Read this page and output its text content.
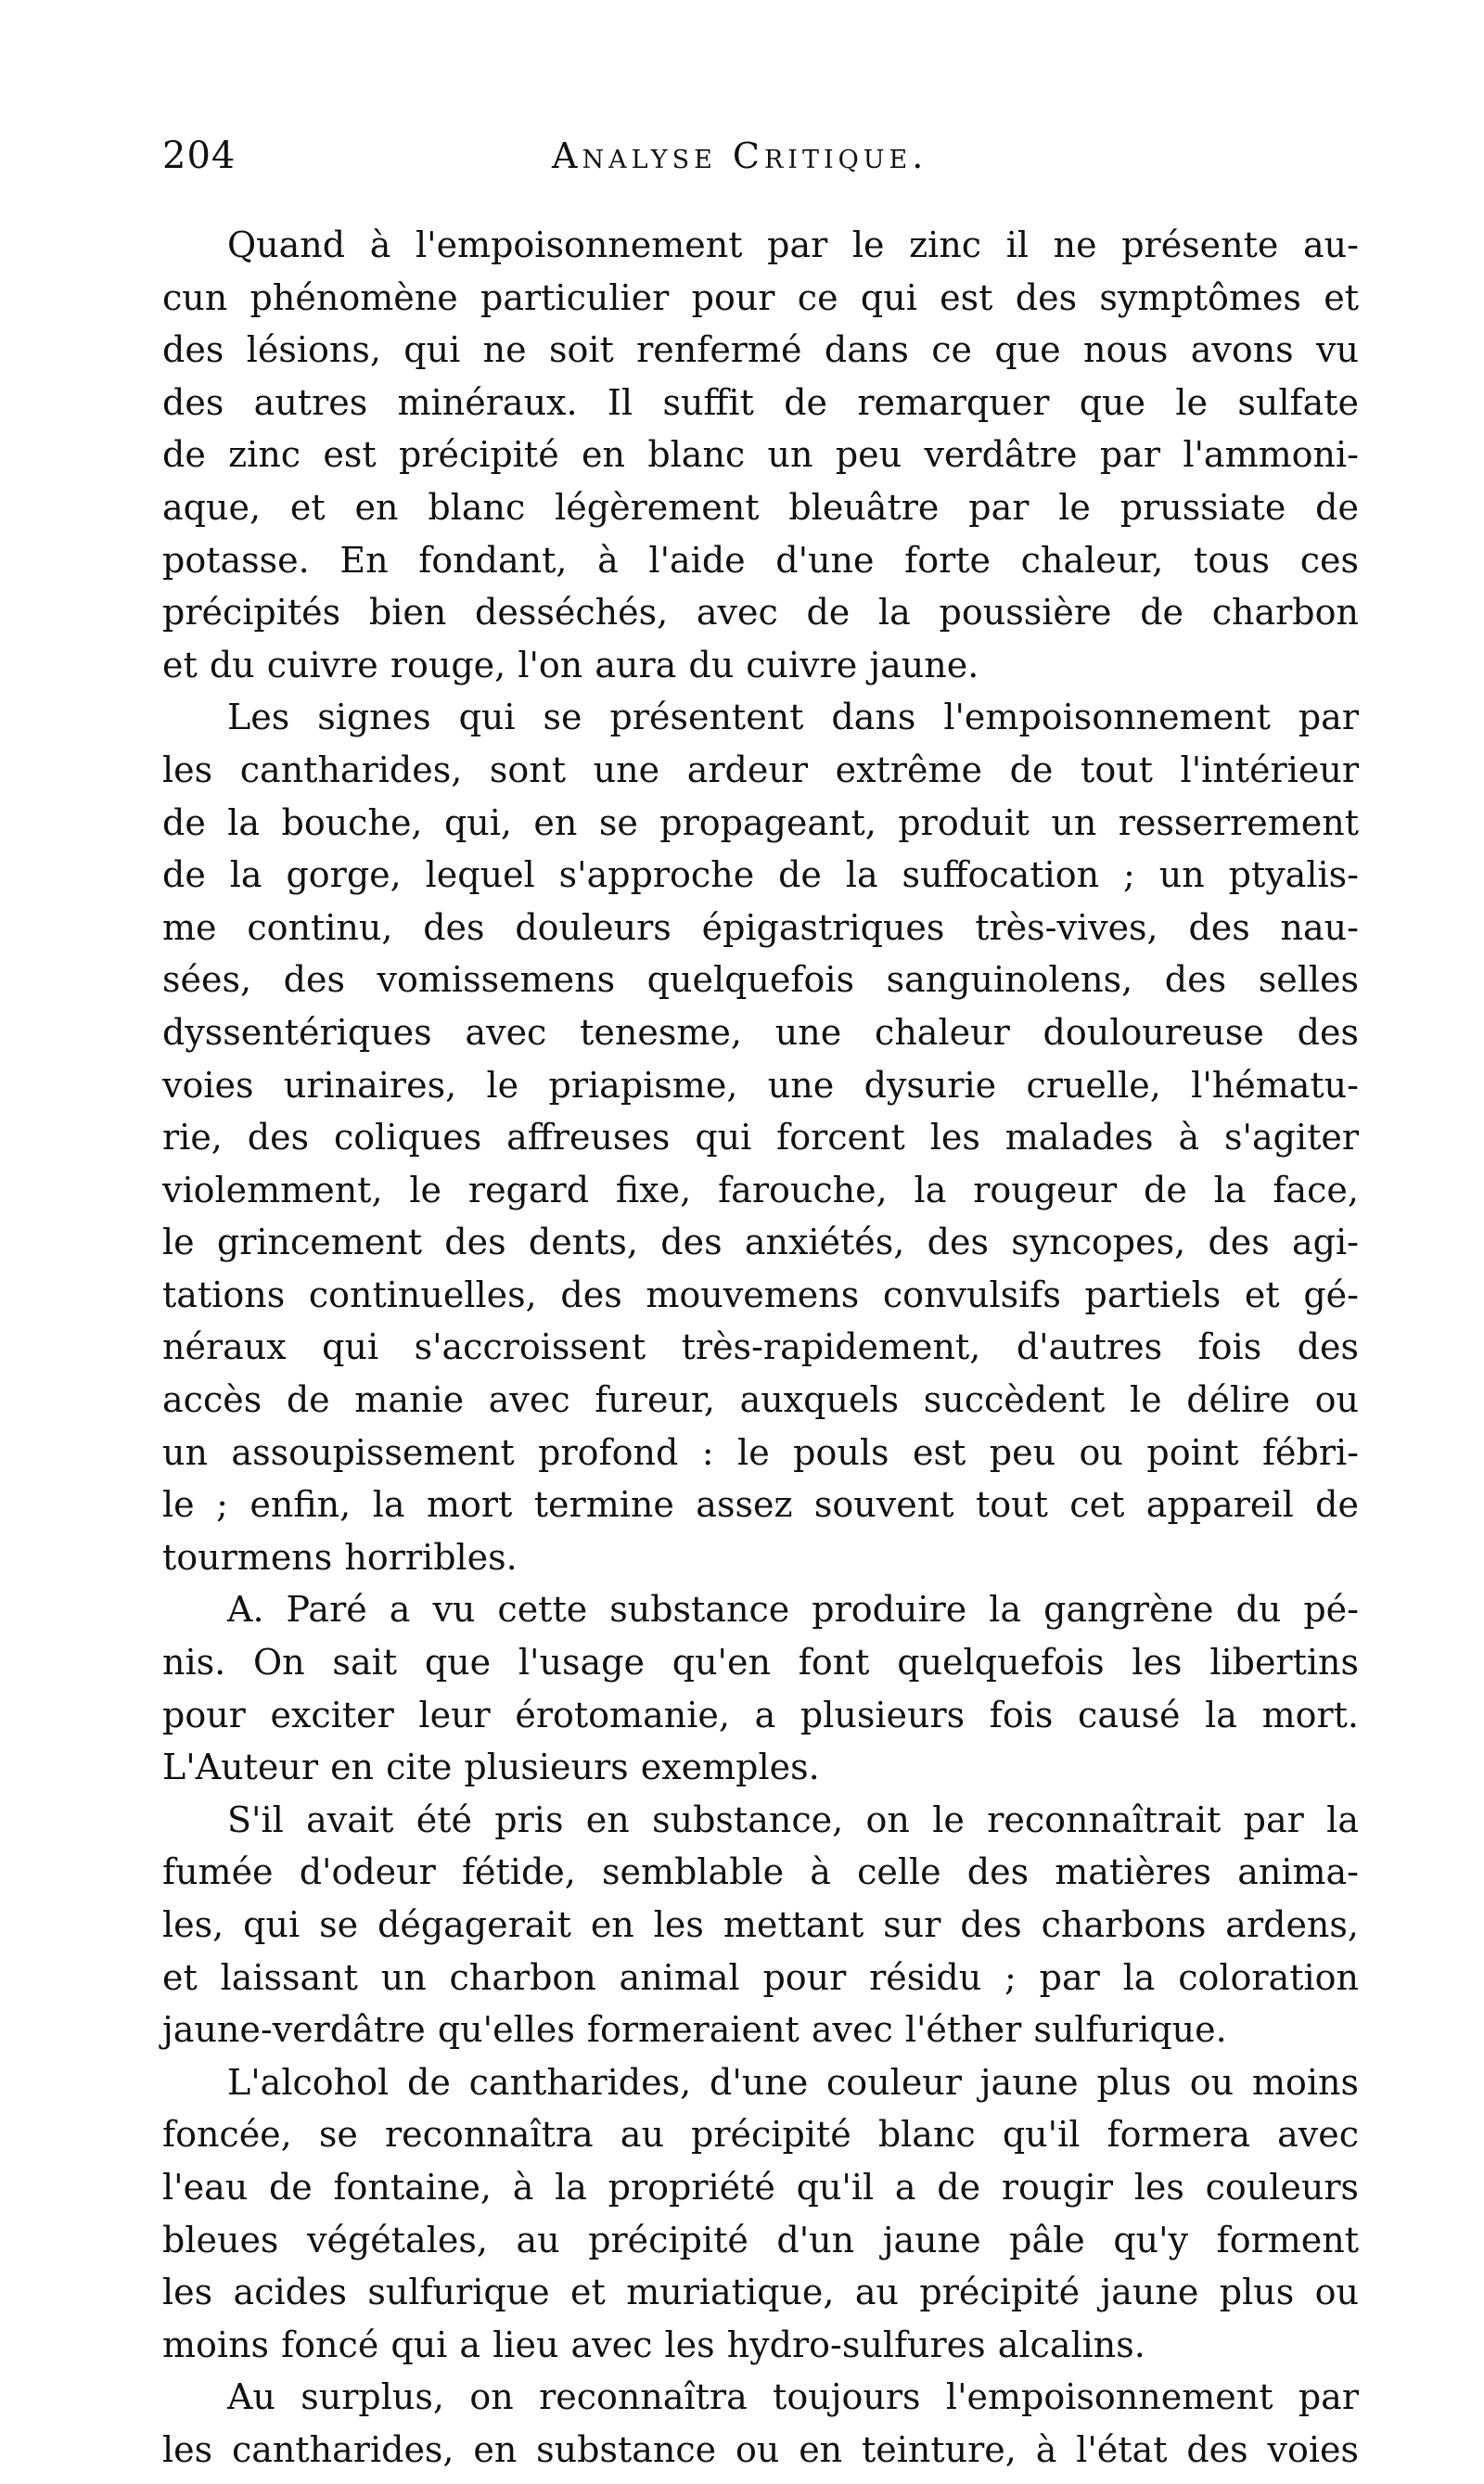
204	Analyse Critique.
Quand à l'empoisonnement par le zinc il ne présente au-
cun phénomène particulier pour ce qui est des symptômes et
des lésions, qui ne soit renfermé dans ce que nous avons vu
des autres minéraux. Il suffit de remarquer que le sulfate
de zinc est précipité en blanc un peu verdâtre par l'ammoni-
aque, et en blanc légèrement bleuâtre par le prussiate de
potasse. En fondant, à l'aide d'une forte chaleur, tous ces
précipités bien desséchés, avec de la poussière de charbon
et du cuivre rouge, l'on aura du cuivre jaune.
Les signes qui se présentent dans l'empoisonnement par
les cantharides, sont une ardeur extrême de tout l'intérieur
de la bouche, qui, en se propageant, produit un resserrement
de la gorge, lequel s'approche de la suffocation ; un ptyalis-
me continu, des douleurs épigastriques très-vives, des nau-
sées, des vomissemens quelquefois sanguinolens, des selles
dyssentériques avec tenesme, une chaleur douloureuse des
voies urinaires, le priapisme, une dysurie cruelle, l'hématu-
rie, des coliques affreuses qui forcent les malades à s'agiter
violemment, le regard fixe, farouche, la rougeur de la face,
le grincement des dents, des anxiétés, des syncopes, des agi-
tations continuelles, des mouvemens convulsifs partiels et gé-
néraux qui s'accroissent très-rapidement, d'autres fois des
accès de manie avec fureur, auxquels succèdent le délire ou
un assoupissement profond : le pouls est peu ou point fébri-
le ; enfin, la mort termine assez souvent tout cet appareil de
tourmens horribles.
A. Paré a vu cette substance produire la gangrène du pé-
nis. On sait que l'usage qu'en font quelquefois les libertins
pour exciter leur érotomanie, a plusieurs fois causé la mort.
L'Auteur en cite plusieurs exemples.
S'il avait été pris en substance, on le reconnaîtrait par la
fumée d'odeur fétide, semblable à celle des matières anima-
les, qui se dégagerait en les mettant sur des charbons ardens,
et laissant un charbon animal pour résidu ; par la coloration
jaune-verdâtre qu'elles formeraient avec l'éther sulfurique.
L'alcohol de cantharides, d'une couleur jaune plus ou moins
foncée, se reconnaîtra au précipité blanc qu'il formera avec
l'eau de fontaine, à la propriété qu'il a de rougir les couleurs
bleues végétales, au précipité d'un jaune pâle qu'y forment
les acides sulfurique et muriatique, au précipité jaune plus ou
moins foncé qui a lieu avec les hydro-sulfures alcalins.
Au surplus, on reconnaîtra toujours l'empoisonnement par
les cantharides, en substance ou en teinture, à l'état des voies
